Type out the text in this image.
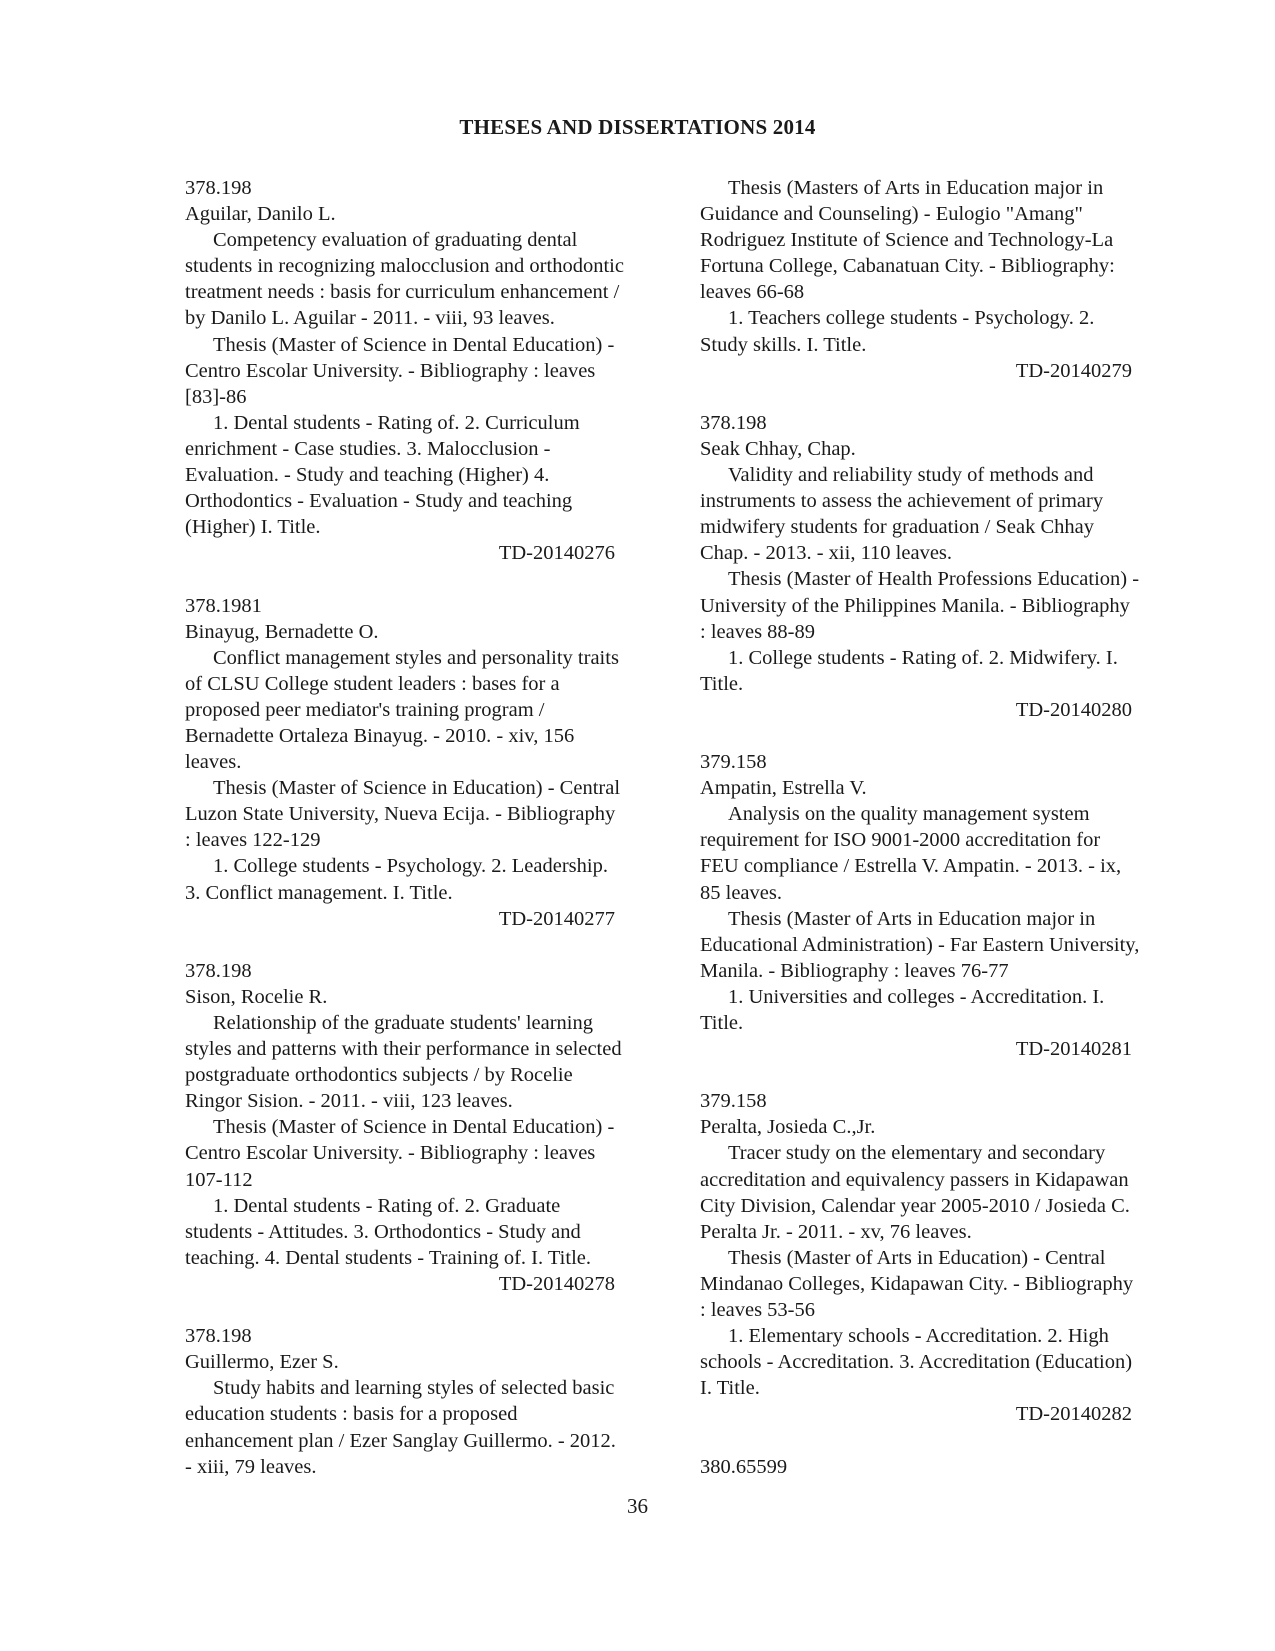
THESES AND DISSERTATIONS 2014
378.198
Aguilar, Danilo L.
Competency evaluation of graduating dental
students in recognizing malocclusion and orthodontic
treatment needs : basis for curriculum enhancement /
by Danilo L. Aguilar - 2011. - viii, 93 leaves.
Thesis (Master of Science in Dental Education) -
Centro Escolar University. - Bibliography : leaves
[83]-86
1. Dental students - Rating of. 2. Curriculum
enrichment - Case studies. 3. Malocclusion -
Evaluation. - Study and teaching (Higher) 4.
Orthodontics - Evaluation - Study and teaching
(Higher) I. Title.
TD-20140276
378.1981
Binayug, Bernadette O.
Conflict management styles and personality traits
of CLSU College student leaders : bases for a
proposed peer mediator's training program /
Bernadette Ortaleza Binayug. - 2010. - xiv, 156
leaves.
Thesis (Master of Science in Education) - Central
Luzon State University, Nueva Ecija. - Bibliography
: leaves 122-129
1. College students - Psychology. 2. Leadership.
3. Conflict management. I. Title.
TD-20140277
378.198
Sison, Rocelie R.
Relationship of the graduate students' learning
styles and patterns with their performance in selected
postgraduate orthodontics subjects / by Rocelie
Ringor Sision. - 2011. - viii, 123 leaves.
Thesis (Master of Science in Dental Education) -
Centro Escolar University. - Bibliography : leaves
107-112
1. Dental students - Rating of. 2. Graduate
students - Attitudes. 3. Orthodontics - Study and
teaching. 4. Dental students - Training of. I. Title.
TD-20140278
378.198
Guillermo, Ezer S.
Study habits and learning styles of selected basic
education students : basis for a proposed
enhancement plan / Ezer Sanglay Guillermo. - 2012.
- xiii, 79 leaves.
Thesis (Masters of Arts in Education major in
Guidance and Counseling) - Eulogio "Amang"
Rodriguez Institute of Science and Technology-La
Fortuna College, Cabanatuan City. - Bibliography:
leaves 66-68
1. Teachers college students - Psychology. 2.
Study skills. I. Title.
TD-20140279
378.198
Seak Chhay, Chap.
Validity and reliability study of methods and
instruments to assess the achievement of primary
midwifery students for graduation / Seak Chhay
Chap. - 2013. - xii, 110 leaves.
Thesis (Master of Health Professions Education) -
University of the Philippines Manila. - Bibliography
: leaves 88-89
1. College students - Rating of. 2. Midwifery. I.
Title.
TD-20140280
379.158
Ampatin, Estrella V.
Analysis on the quality management system
requirement for ISO 9001-2000 accreditation for
FEU compliance / Estrella V. Ampatin. - 2013. - ix,
85 leaves.
Thesis (Master of Arts in Education major in
Educational Administration) - Far Eastern University,
Manila. - Bibliography : leaves 76-77
1. Universities and colleges - Accreditation. I.
Title.
TD-20140281
379.158
Peralta, Josieda C.,Jr.
Tracer study on the elementary and secondary
accreditation and equivalency passers in Kidapawan
City Division, Calendar year 2005-2010 / Josieda C.
Peralta Jr. - 2011. - xv, 76 leaves.
Thesis (Master of Arts in Education) - Central
Mindanao Colleges, Kidapawan City. - Bibliography
: leaves 53-56
1. Elementary schools - Accreditation. 2. High
schools - Accreditation. 3. Accreditation (Education)
I. Title.
TD-20140282
380.65599
36
